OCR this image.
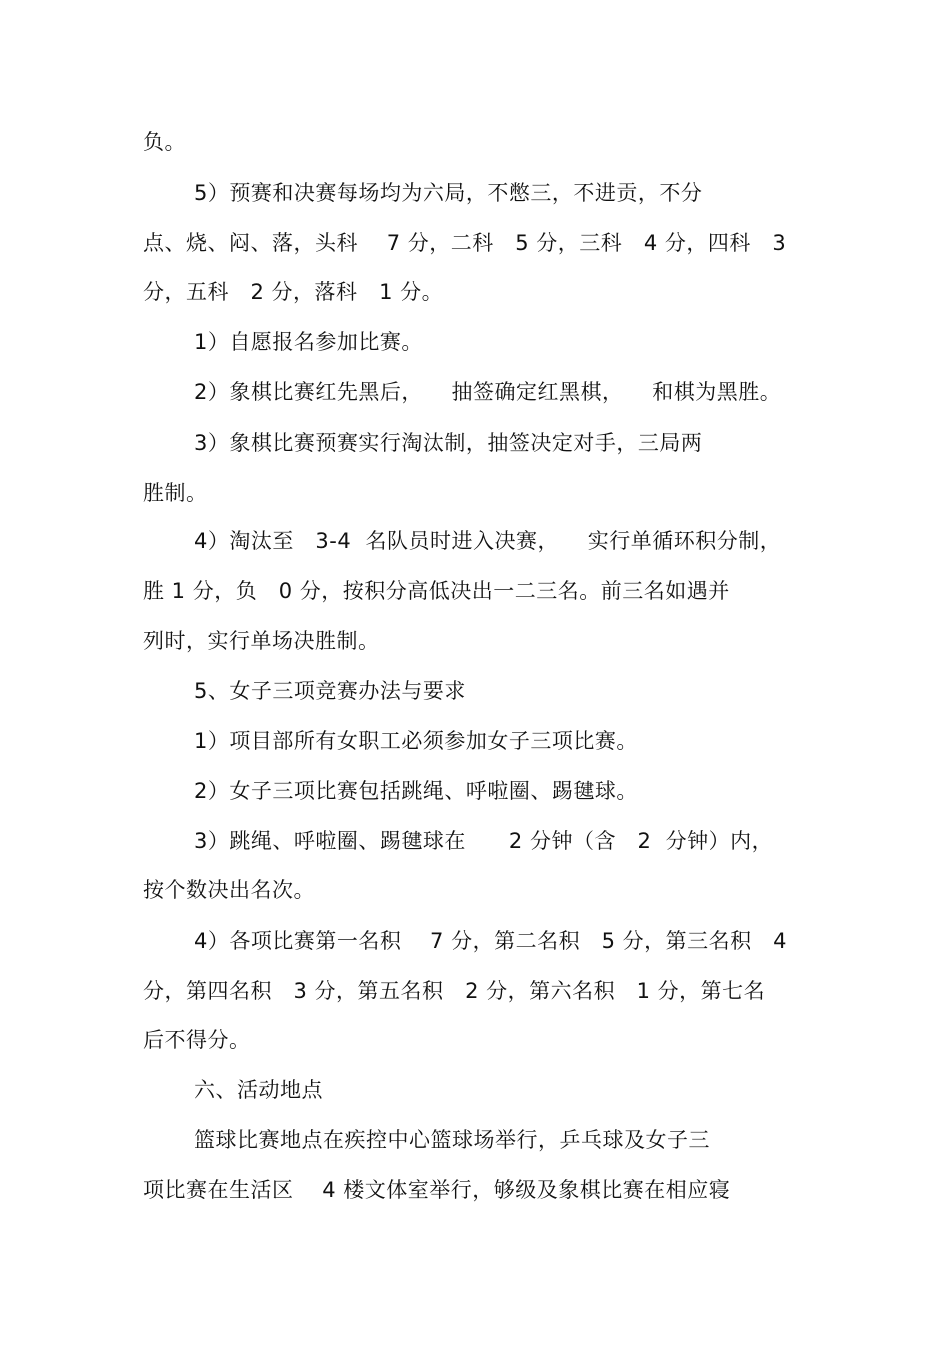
负。
5）预赛和决赛每场均为六局，不憋三，不进贡，不分
点、烧、闷、落，头科    7 分，二科   5 分，三科   4 分，四科   3
分，五科   2 分，落科   1 分。
1）自愿报名参加比赛。
2）象棋比赛红先黑后，    抽签确定红黑棋，    和棋为黑胜。
3）象棋比赛预赛实行淘汰制，抽签决定对手，三局两
胜制。
4）淘汰至   3-4  名队员时进入决赛，    实行单循环积分制，
胜 1 分，负   0 分，按积分高低决出一二三名。前三名如遇并
列时，实行单场决胜制。
5、女子三项竞赛办法与要求
1）项目部所有女职工必须参加女子三项比赛。
2）女子三项比赛包括跳绳、呼啦圈、踢毽球。
3）跳绳、呼啦圈、踢毽球在      2 分钟（含   2  分钟）内，
按个数决出名次。
4）各项比赛第一名积    7 分，第二名积   5 分，第三名积   4
分，第四名积   3 分，第五名积   2 分，第六名积   1 分，第七名
后不得分。
六、活动地点
篮球比赛地点在疾控中心篮球场举行，乒乓球及女子三
项比赛在生活区    4 楼文体室举行，够级及象棋比赛在相应寝
